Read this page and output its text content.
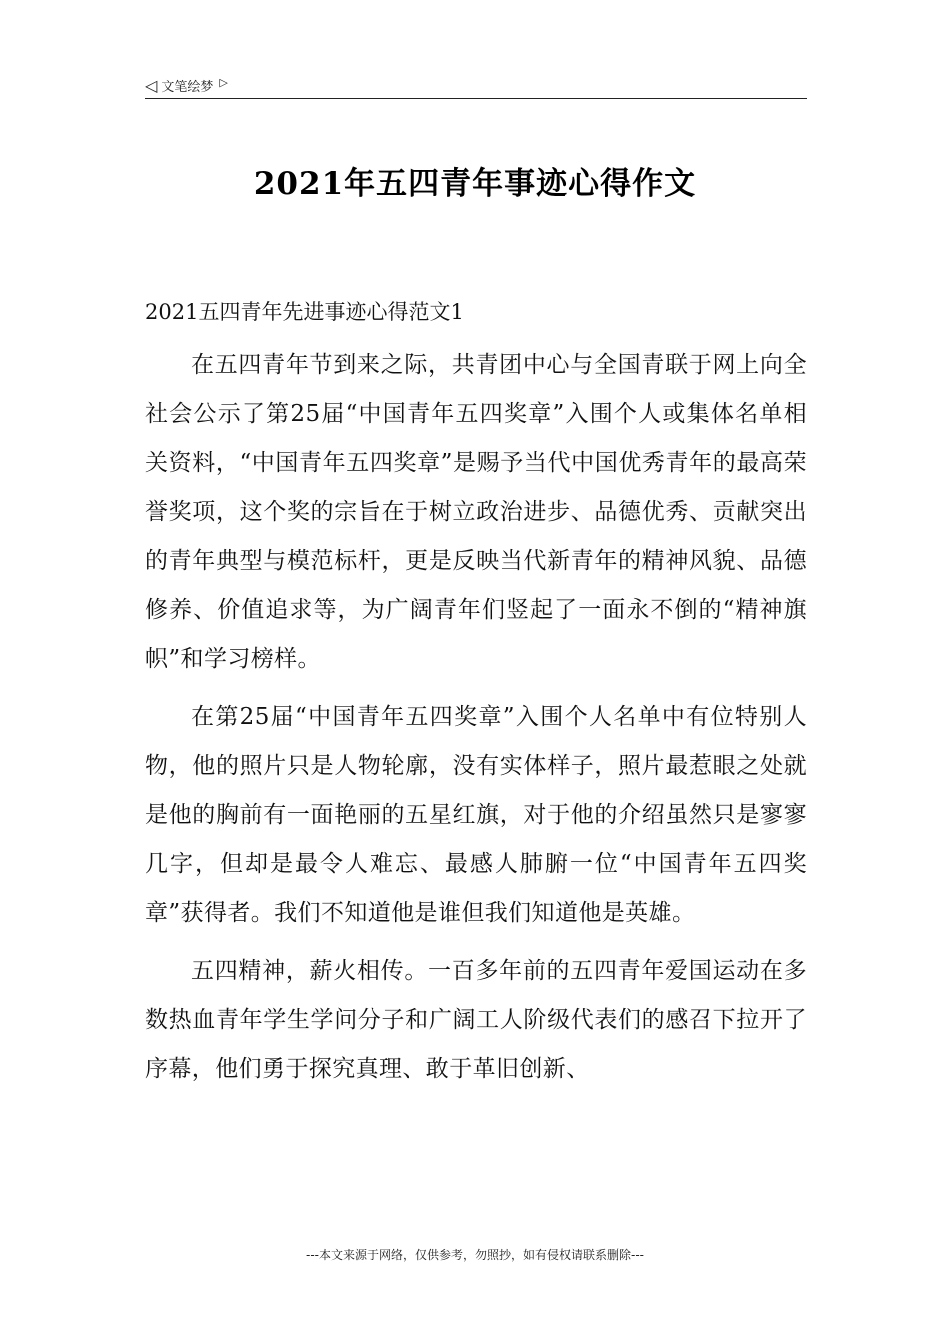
◁ 文笔绘梦 ▷
2021年五四青年事迹心得作文
2021五四青年先进事迹心得范文1

在五四青年节到来之际，共青团中心与全国青联于网上向全社会公示了第25届“中国青年五四奖章”入围个人或集体名单相关资料，“中国青年五四奖章”是赐予当代中国优秀青年的最高荣誉奖项，这个奖的宗旨在于树立政治进步、品德优秀、贡献突出的青年典型与模范标杆，更是反映当代新青年的精神风貌、品德修养、价值追求等，为广阔青年们竖起了一面永不倒的“精神旗帜”和学习榜样。

在第25届“中国青年五四奖章”入围个人名单中有位特别人物，他的照片只是人物轮廓，没有实体样子，照片最惹眼之处就是他的胸前有一面艳丽的五星红旗，对于他的介绍虽然只是寥寥几字，但却是最令人难忘、最感人肺腑一位“中国青年五四奖章”获得者。我们不知道他是谁但我们知道他是英雄。

五四精神，薪火相传。一百多年前的五四青年爱国运动在多数热血青年学生学问分子和广阔工人阶级代表们的感召下拉开了序幕，他们勇于探究真理、敢于革旧创新、

---本文来源于网络，仅供参考，勿照抄，如有侵权请联系删除---
